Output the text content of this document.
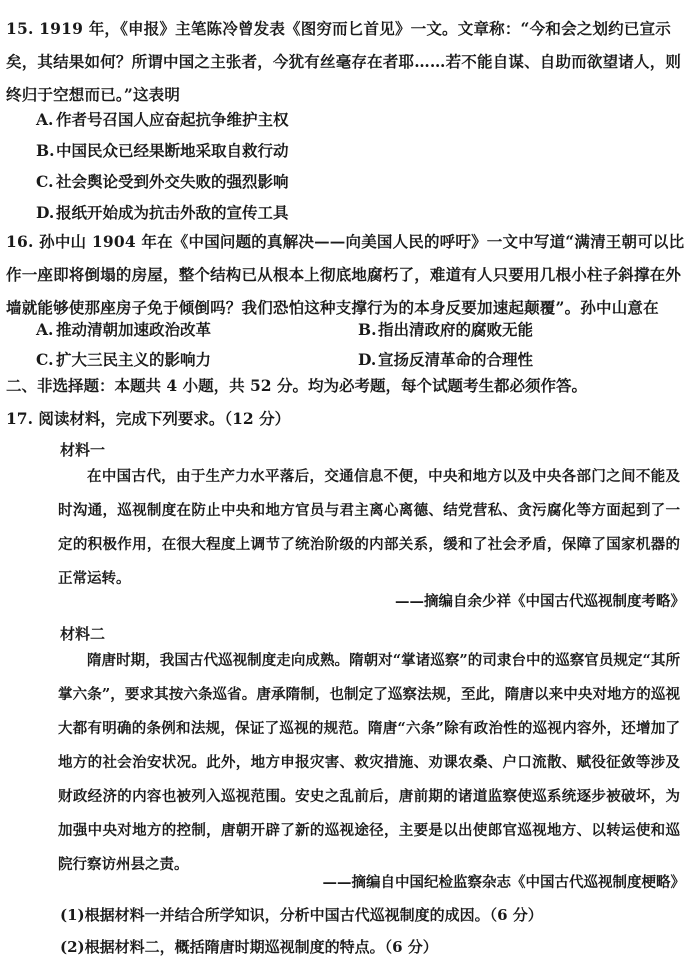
15. 1919 年，《申报》主笔陈冷曾发表《图穷而匕首见》一文。文章称：“今和会之划约已宣示矣，其结果如何？所谓中国之主张者，今犹有丝毫存在者耶……若不能自谋、自助而欲望诸人，则终归于空想而已。”这表明

A. 作者号召国人应奋起抗争维护主权
B.中国民众已经果断地采取自救行动
C. 社会舆论受到外交失败的强烈影响
D. 报纸开始成为抗击外敌的宣传工具

16. 孙中山 1904 年在《中国问题的真解决——向美国人民的呼吁》一文中写道“满清王朝可以比作一座即将倒塌的房屋，整个结构已从根本上彻底地腐朽了，难道有人只要用几根小柱子斜撑在外墙就能够使那座房子免于倾倒吗？我们恐怕这种支撑行为的本身反要加速起颠覆”。孙中山意在

A. 推动清朝加速政治改革	B.指出清政府的腐败无能
C. 扩大三民主义的影响力	D. 宣扬反清革命的合理性
二、非选择题：本题共 4 小题，共 52 分。均为必考题，每个试题考生都必须作答。
17. 阅读材料，完成下列要求。（12 分）
材料一

在中国古代，由于生产力水平落后，交通信息不便，中央和地方以及中央各部门之间不能及时沟通，巡视制度在防止中央和地方官员与君主离心离德、结党营私、贪污腐化等方面起到了一定的积极作用，在很大程度上调节了统治阶级的内部关系，缓和了社会矛盾，保障了国家机器的正常运转。

——摘编自余少祥《中国古代巡视制度考略》
材料二

隋唐时期，我国古代巡视制度走向成熟。隋朝对“掌诸巡察”的司隶台中的巡察官员规定“其所掌六条”，要求其按六条巡省。唐承隋制，也制定了巡察法规，至此，隋唐以来中央对地方的巡视大都有明确的条例和法规，保证了巡视的规范。隋唐“六条”除有政治性的巡视内容外，还增加了地方的社会治安状况。此外，地方申报灾害、救灾措施、劝课农桑、户口流散、赋役征敛等涉及财政经济的内容也被列入巡视范围。安史之乱前后，唐前期的诸道监察使巡系统逐步被破坏，为加强中央对地方的控制，唐朝开辟了新的巡视途径，主要是以出使郎官巡视地方、以转运使和巡院行察访州县之责。

——摘编自中国纪检监察杂志《中国古代巡视制度梗略》
(1)根据材料一并结合所学知识，分析中国古代巡视制度的成因。（6 分）
(2)根据材料二，概括隋唐时期巡视制度的特点。（6 分）
